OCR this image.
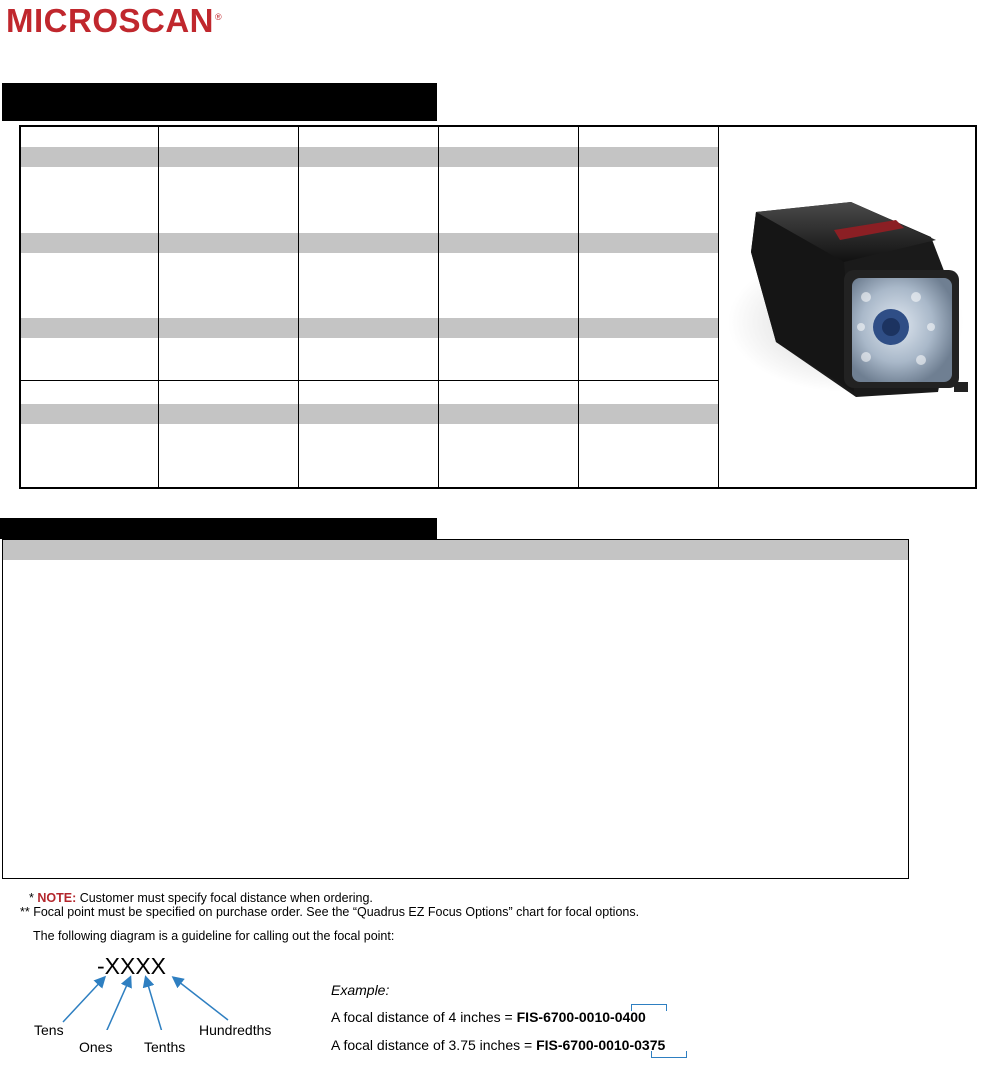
MICROSCAN®
* NOTE: Customer must specify focal distance when ordering.
** Focal point must be specified on purchase order. See the “Quadrus EZ Focus Options” chart for focal options.
The following diagram is a guideline for calling out the focal point:
-XXXX
Tens
Ones Tenths
Hundredths
Example:
A focal distance of 4 inches = FIS-6700-0010-0400
A focal distance of 3.75 inches = FIS-6700-0010-0375
